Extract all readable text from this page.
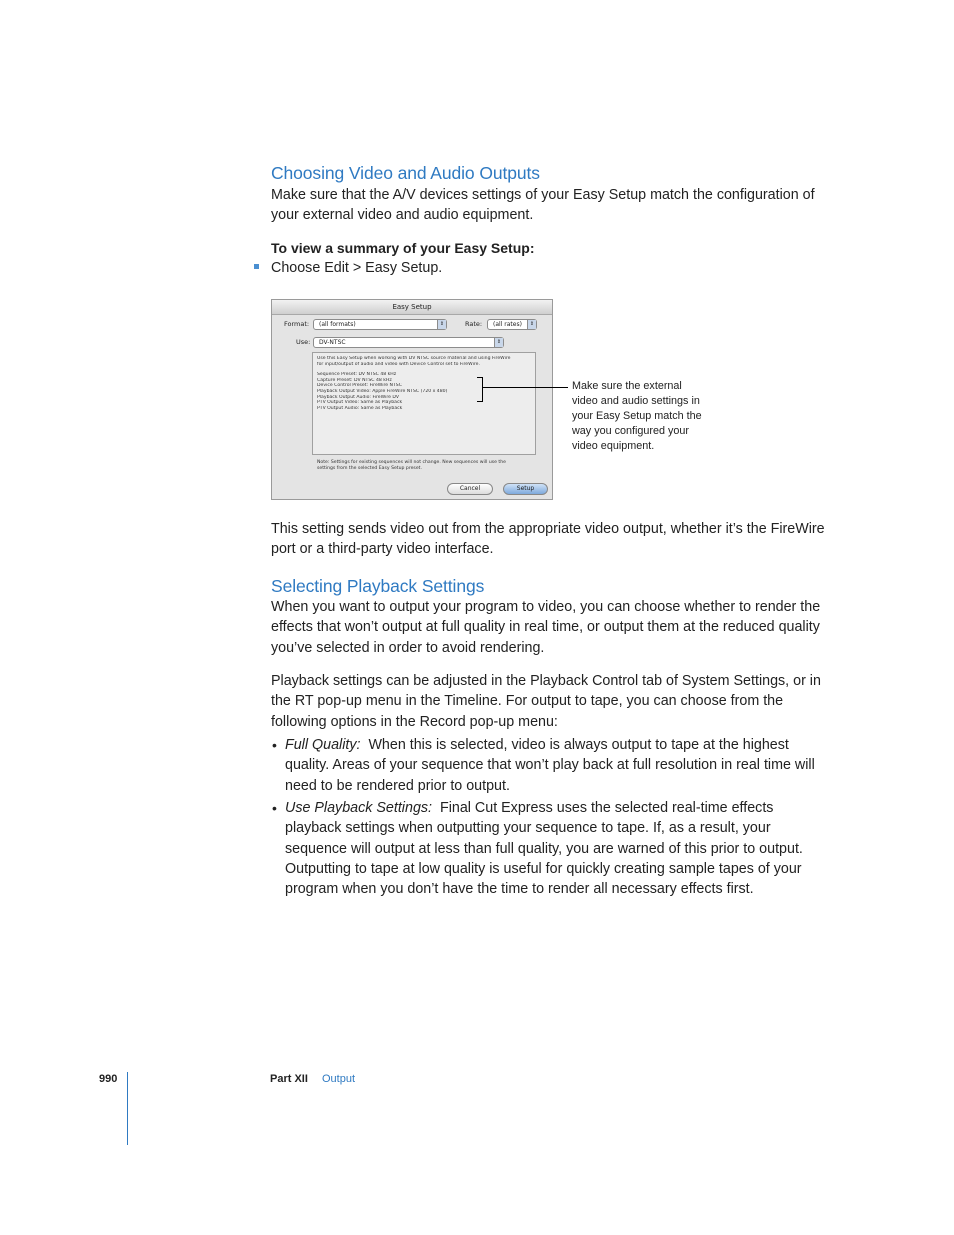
Choosing Video and Audio Outputs

Make sure that the A/V devices settings of your Easy Setup match the configuration of your external video and audio equipment.

To view a summary of your Easy Setup:

Choose Edit > Easy Setup.

Easy Setup
Format:	(all formats)	⇕	Rate:	(all rates)	⇕
Use:	DV-NTSC	⇕
Use this Easy Setup when working with DV NTSC source material and using FireWire
for input/output of audio and video with Device Control set to FireWire.
Sequence Preset: DV NTSC 48 kHz
Capture Preset: DV NTSC 48 kHz
Device Control Preset: FireWire NTSC
Playback Output Video: Apple FireWire NTSC (720 x 480)
Playback Output Audio: FireWire DV
PTV Output Video: Same as Playback
PTV Output Audio: Same as Playback
Note: Settings for existing sequences will not change. New sequences will use the
settings from the selected Easy Setup preset.
Cancel	Setup
Make sure the external video and audio settings in your Easy Setup match the way you configured your video equipment.

This setting sends video out from the appropriate video output, whether it’s the FireWire port or a third-party video interface.

Selecting Playback Settings

When you want to output your program to video, you can choose whether to render the effects that won’t output at full quality in real time, or output them at the reduced quality you’ve selected in order to avoid rendering.

Playback settings can be adjusted in the Playback Control tab of System Settings, or in the RT pop-up menu in the Timeline. For output to tape, you can choose from the following options in the Record pop-up menu:

• Full Quality: When this is selected, video is always output to tape at the highest quality. Areas of your sequence that won’t play back at full resolution in real time will need to be rendered prior to output.

• Use Playback Settings: Final Cut Express uses the selected real-time effects playback settings when outputting your sequence to tape. If, as a result, your sequence will output at less than full quality, you are warned of this prior to output. Outputting to tape at low quality is useful for quickly creating sample tapes of your program when you don’t have the time to render all necessary effects first.

990	Part XII Output
